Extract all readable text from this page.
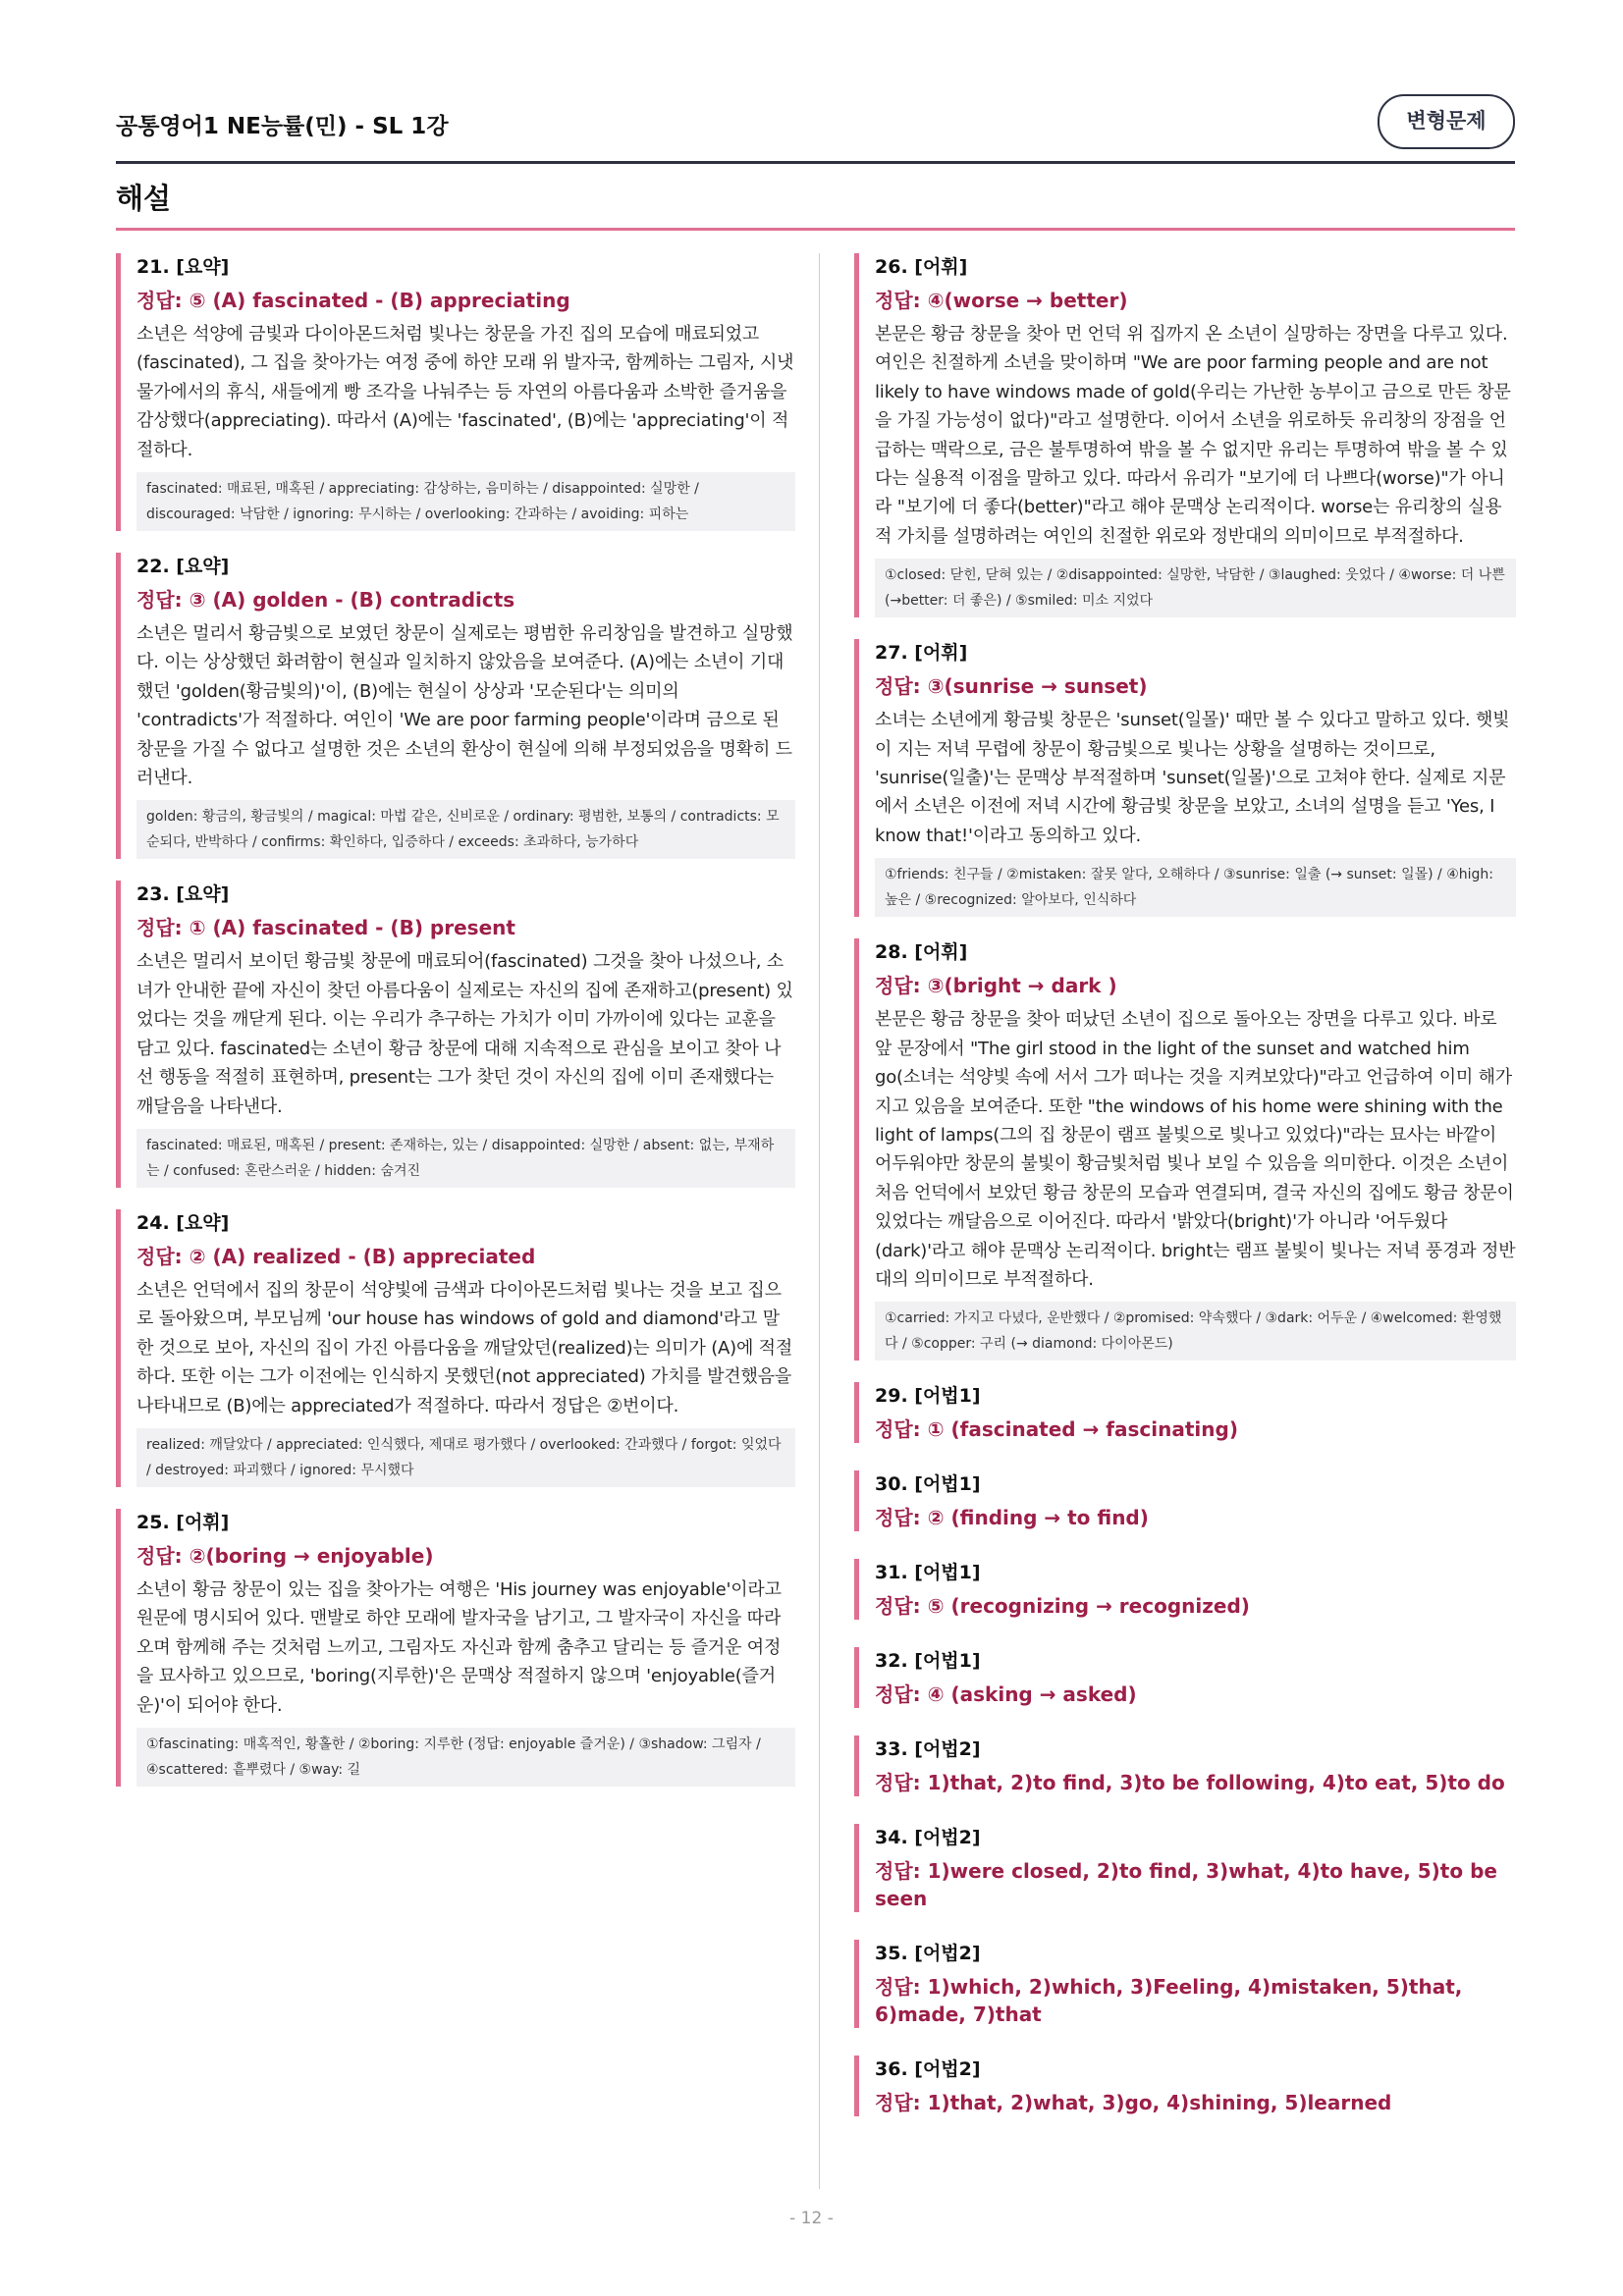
공통영어1 NE능률(민) - SL 1강	변형문제
해설
21. [요약]
정답: ⑤ (A) fascinated - (B) appreciating
소년은 석양에 금빛과 다이아몬드처럼 빛나는 창문을 가진 집의 모습에 매료되었고(fascinated), 그 집을 찾아가는 여정 중에 하얀 모래 위 발자국, 함께하는 그림자, 시냇물가에서의 휴식, 새들에게 빵 조각을 나눠주는 등 자연의 아름다움과 소박한 즐거움을 감상했다(appreciating). 따라서 (A)에는 'fascinated', (B)에는 'appreciating'이 적절하다.
fascinated: 매료된, 매혹된 / appreciating: 감상하는, 음미하는 / disappointed: 실망한 / discouraged: 낙담한 / ignoring: 무시하는 / overlooking: 간과하는 / avoiding: 피하는
22. [요약]
정답: ③ (A) golden - (B) contradicts
소년은 멀리서 황금빛으로 보였던 창문이 실제로는 평범한 유리창임을 발견하고 실망했다. 이는 상상했던 화려함이 현실과 일치하지 않았음을 보여준다. (A)에는 소년이 기대했던 'golden(황금빛의)'이, (B)에는 현실이 상상과 '모순된다'는 의미의 'contradicts'가 적절하다. 여인이 'We are poor farming people'이라며 금으로 된 창문을 가질 수 없다고 설명한 것은 소년의 환상이 현실에 의해 부정되었음을 명확히 드러낸다.
golden: 황금의, 황금빛의 / magical: 마법 같은, 신비로운 / ordinary: 평범한, 보통의 / contradicts: 모순되다, 반박하다 / confirms: 확인하다, 입증하다 / exceeds: 초과하다, 능가하다
23. [요약]
정답: ① (A) fascinated - (B) present
소년은 멀리서 보이던 황금빛 창문에 매료되어(fascinated) 그것을 찾아 나섰으나, 소녀가 안내한 끝에 자신이 찾던 아름다움이 실제로는 자신의 집에 존재하고(present) 있었다는 것을 깨닫게 된다. 이는 우리가 추구하는 가치가 이미 가까이에 있다는 교훈을 담고 있다. fascinated는 소년이 황금 창문에 대해 지속적으로 관심을 보이고 찾아 나선 행동을 적절히 표현하며, present는 그가 찾던 것이 자신의 집에 이미 존재했다는 깨달음을 나타낸다.
fascinated: 매료된, 매혹된 / present: 존재하는, 있는 / disappointed: 실망한 / absent: 없는, 부재하는 / confused: 혼란스러운 / hidden: 숨겨진
24. [요약]
정답: ② (A) realized - (B) appreciated
소년은 언덕에서 집의 창문이 석양빛에 금색과 다이아몬드처럼 빛나는 것을 보고 집으로 돌아왔으며, 부모님께 'our house has windows of gold and diamond'라고 말한 것으로 보아, 자신의 집이 가진 아름다움을 깨달았던(realized)는 의미가 (A)에 적절하다. 또한 이는 그가 이전에는 인식하지 못했던(not appreciated) 가치를 발견했음을 나타내므로 (B)에는 appreciated가 적절하다. 따라서 정답은 ②번이다.
realized: 깨달았다 / appreciated: 인식했다, 제대로 평가했다 / overlooked: 간과했다 / forgot: 잊었다 / destroyed: 파괴했다 / ignored: 무시했다
25. [어휘]
정답: ②(boring → enjoyable)
소년이 황금 창문이 있는 집을 찾아가는 여행은 'His journey was enjoyable'이라고 원문에 명시되어 있다. 맨발로 하얀 모래에 발자국을 남기고, 그 발자국이 자신을 따라오며 함께해 주는 것처럼 느끼고, 그림자도 자신과 함께 춤추고 달리는 등 즐거운 여정을 묘사하고 있으므로, 'boring(지루한)'은 문맥상 적절하지 않으며 'enjoyable(즐거운)'이 되어야 한다.
①fascinating: 매혹적인, 황홀한 / ②boring: 지루한 (정답: enjoyable 즐거운) / ③shadow: 그림자 / ④scattered: 흩뿌렸다 / ⑤way: 길
26. [어휘]
정답: ④(worse → better)
본문은 황금 창문을 찾아 먼 언덕 위 집까지 온 소년이 실망하는 장면을 다루고 있다. 여인은 친절하게 소년을 맞이하며 "We are poor farming people and are not likely to have windows made of gold(우리는 가난한 농부이고 금으로 만든 창문을 가질 가능성이 없다)"라고 설명한다. 이어서 소년을 위로하듯 유리창의 장점을 언급하는 맥락으로, 금은 불투명하여 밖을 볼 수 없지만 유리는 투명하여 밖을 볼 수 있다는 실용적 이점을 말하고 있다. 따라서 유리가 "보기에 더 나쁘다(worse)"가 아니라 "보기에 더 좋다(better)"라고 해야 문맥상 논리적이다. worse는 유리창의 실용적 가치를 설명하려는 여인의 친절한 위로와 정반대의 의미이므로 부적절하다.
①closed: 닫힌, 닫혀 있는 / ②disappointed: 실망한, 낙담한 / ③laughed: 웃었다 / ④worse: 더 나쁜 (→better: 더 좋은) / ⑤smiled: 미소 지었다
27. [어휘]
정답: ③(sunrise → sunset)
소녀는 소년에게 황금빛 창문은 'sunset(일몰)' 때만 볼 수 있다고 말하고 있다. 햇빛이 지는 저녁 무렵에 창문이 황금빛으로 빛나는 상황을 설명하는 것이므로, 'sunrise(일출)'는 문맥상 부적절하며 'sunset(일몰)'으로 고쳐야 한다. 실제로 지문에서 소년은 이전에 저녁 시간에 황금빛 창문을 보았고, 소녀의 설명을 듣고 'Yes, I know that!'이라고 동의하고 있다.
①friends: 친구들 / ②mistaken: 잘못 알다, 오해하다 / ③sunrise: 일출 (→ sunset: 일몰) / ④high: 높은 / ⑤recognized: 알아보다, 인식하다
28. [어휘]
정답: ③(bright → dark )
본문은 황금 창문을 찾아 떠났던 소년이 집으로 돌아오는 장면을 다루고 있다. 바로 앞 문장에서 "The girl stood in the light of the sunset and watched him go(소녀는 석양빛 속에 서서 그가 떠나는 것을 지켜보았다)"라고 언급하여 이미 해가 지고 있음을 보여준다. 또한 "the windows of his home were shining with the light of lamps(그의 집 창문이 램프 불빛으로 빛나고 있었다)"라는 묘사는 바깥이 어두워야만 창문의 불빛이 황금빛처럼 빛나 보일 수 있음을 의미한다. 이것은 소년이 처음 언덕에서 보았던 황금 창문의 모습과 연결되며, 결국 자신의 집에도 황금 창문이 있었다는 깨달음으로 이어진다. 따라서 '밝았다(bright)'가 아니라 '어두웠다(dark)'라고 해야 문맥상 논리적이다. bright는 램프 불빛이 빛나는 저녁 풍경과 정반대의 의미이므로 부적절하다.
①carried: 가지고 다녔다, 운반했다 / ②promised: 약속했다 / ③dark: 어두운 / ④welcomed: 환영했다 / ⑤copper: 구리 (→ diamond: 다이아몬드)
29. [어법1]
정답: ① (fascinated → fascinating)
30. [어법1]
정답: ② (finding → to find)
31. [어법1]
정답: ⑤ (recognizing → recognized)
32. [어법1]
정답: ④ (asking → asked)
33. [어법2]
정답: 1)that, 2)to find, 3)to be following, 4)to eat, 5)to do
34. [어법2]
정답: 1)were closed, 2)to find, 3)what, 4)to have, 5)to be seen
35. [어법2]
정답: 1)which, 2)which, 3)Feeling, 4)mistaken, 5)that, 6)made, 7)that
36. [어법2]
정답: 1)that, 2)what, 3)go, 4)shining, 5)learned
- 12 -
